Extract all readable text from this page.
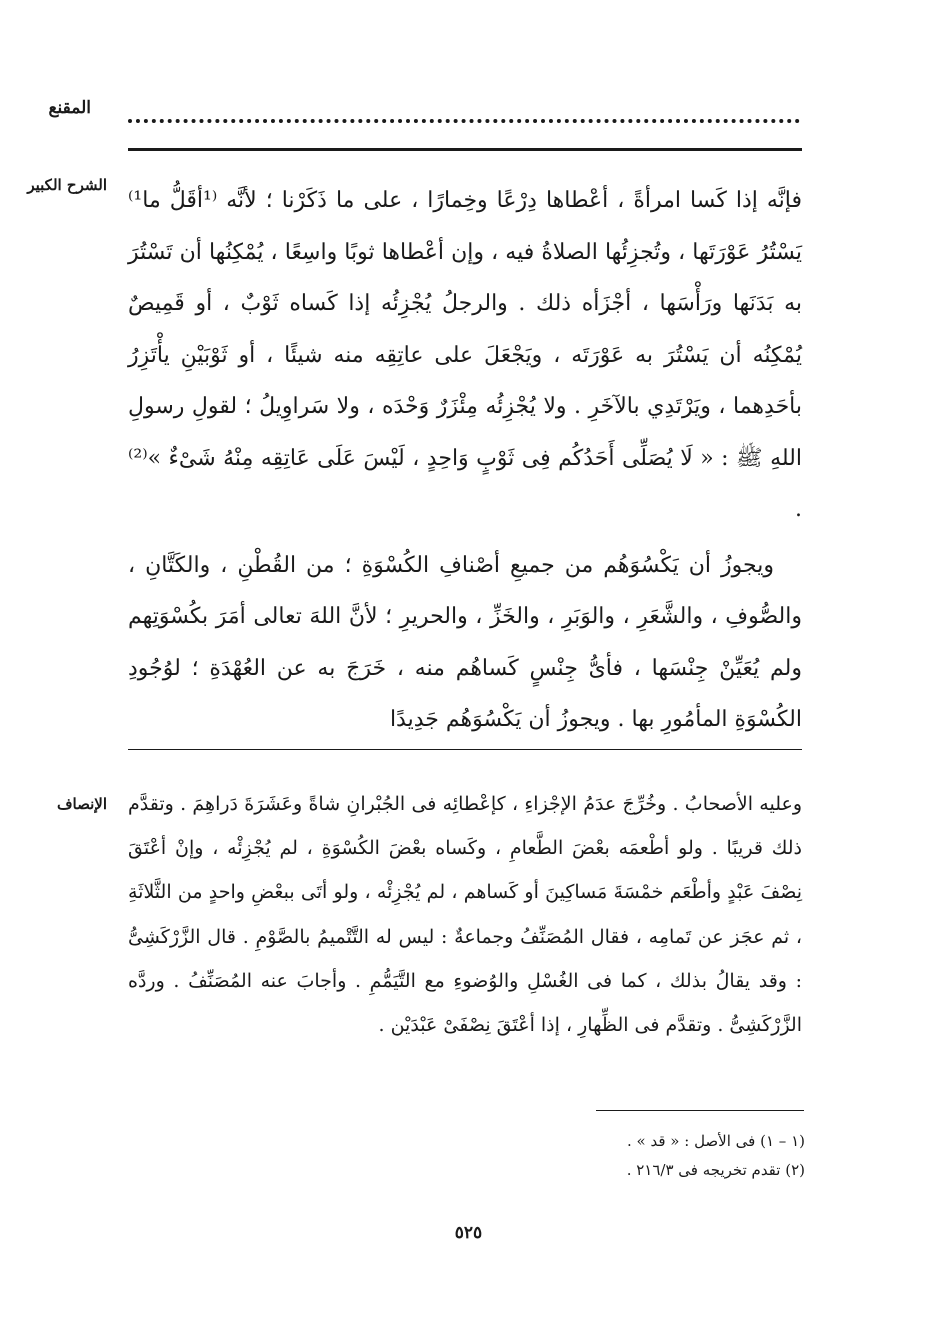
المقنع
الشرح الكبير

فإنَّه إذا كَسا امرأةً ، أعْطاها دِرْعًا وخِمارًا ، على ما ذَكَرْنا ؛ لأنَّه ⁽¹أقَلُّ ما¹⁾ يَسْتُرُ عَوْرَتَها ، وتُجزِئُها الصلاةُ فيه ، وإن أعْطاها ثوبًا واسِعًا ، يُمْكِنُها أن تَسْتُرَ به بَدَنَها ورَأْسَها ، أجْزَأه ذلك . والرجلُ يُجْزِئُه إذا كَساه ثَوْبٌ ، أو قَمِيصٌ يُمْكِنُه أن يَسْتُرَ به عَوْرَتَه ، ويَجْعَلَ على عاتِقِه منه شيئًا ، أو ثَوْبَيْنِ يأْتَزِرُ بأحَدِهما ، ويَرْتَدِي بالآخَرِ . ولا يُجْزِئُه مِئْزَرٌ وَحْدَه ، ولا سَراوِيلُ ؛ لقولِ رسولِ اللهِ ﷺ : « لَا يُصَلِّى أَحَدُكُم فِى ثَوْبٍ وَاحِدٍ ، لَيْسَ عَلَى عَاتِقِه مِنْهُ شَىْءٌ »⁽²⁾ .

ويجوزُ أن يَكْسُوَهُم من جميعِ أصْنافِ الكُسْوَةِ ؛ من القُطْنِ ، والكَتَّانِ ، والصُّوفِ ، والشَّعَرِ ، والوَبَرِ ، والخَزِّ ، والحريرِ ؛ لأنَّ اللهَ تعالى أمَرَ بكُسْوَتِهم ولم يُعَيِّنْ جِنْسَها ، فأىُّ جِنْسٍ كَساهُم منه ، خَرَجَ به عن العُهْدَةِ ؛ لوُجُودِ الكُسْوَةِ المأمُورِ بها . ويجوزُ أن يَكْسُوَهُم جَدِيدًا

الإنصاف وعليه الأصحابُ . وخُرِّجَ عدَمُ الإجْزاءِ ، كإعْطائِه فى الجُبْرانِ شاةً وعَشَرَةَ دَراهِمَ . وتقدَّم ذلك قريبًا . ولو أطْعمَه بعْضَ الطَّعامِ ، وكَساه بعْضَ الكُسْوَةِ ، لم يُجْزِئْه ، وإنْ أعْتَقَ نِصْفَ عَبْدٍ وأطْعَم خمْسَةَ مَساكِينَ أو كَساهم ، لم يُجْزِئْه ، ولو أتَى ببعْضِ واحدٍ من الثَّلاثَةِ ، ثم عجَز عن تَمامِه ، فقال المُصَنِّفُ وجماعةٌ : ليس له التَّتْميمُ بالصَّوْمِ . قال الزَّرْكَشِىُّ : وقد يقالُ بذلك ، كما فى الغُسْلِ والوُضوءِ مع التَّيَمُّمِ . وأجابَ عنه المُصَنِّفُ . وردَّه الزَّرْكَشِىُّ . وتقدَّم فى الظِّهارِ ، إذا أعْتَقَ نِصْفَىْ عَبْدَيْن .

(١ – ١) فى الأصل : « قد » .
(٢) تقدم تخريجه فى ٢١٦/٣ .
٥٢٥
